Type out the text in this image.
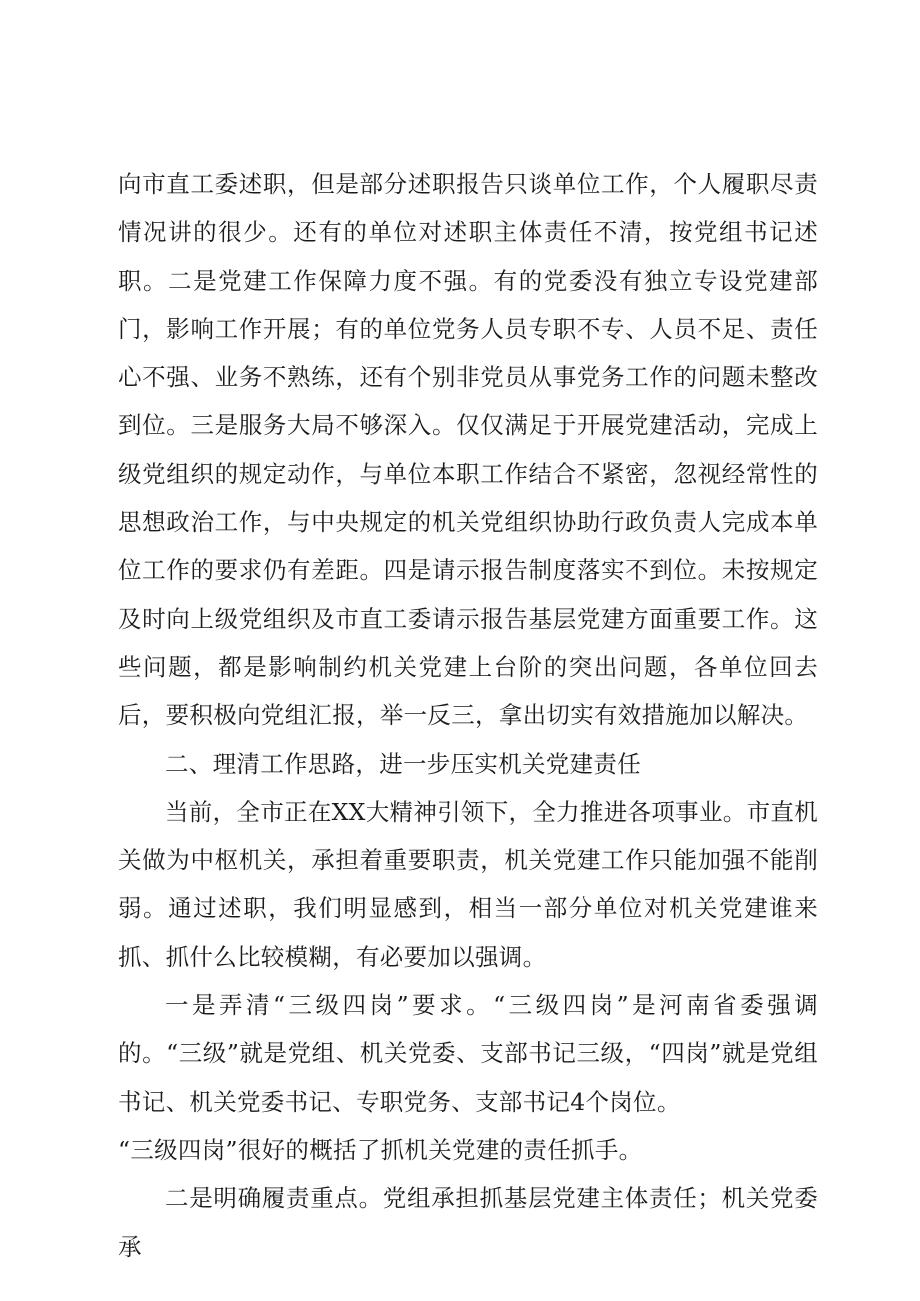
向市直工委述职，但是部分述职报告只谈单位工作，个人履职尽责情况讲的很少。还有的单位对述职主体责任不清，按党组书记述职。二是党建工作保障力度不强。有的党委没有独立专设党建部门，影响工作开展；有的单位党务人员专职不专、人员不足、责任心不强、业务不熟练，还有个别非党员从事党务工作的问题未整改到位。三是服务大局不够深入。仅仅满足于开展党建活动，完成上级党组织的规定动作，与单位本职工作结合不紧密，忽视经常性的思想政治工作，与中央规定的机关党组织协助行政负责人完成本单位工作的要求仍有差距。四是请示报告制度落实不到位。未按规定及时向上级党组织及市直工委请示报告基层党建方面重要工作。这些问题，都是影响制约机关党建上台阶的突出问题，各单位回去后，要积极向党组汇报，举一反三，拿出切实有效措施加以解决。

二、理清工作思路，进一步压实机关党建责任

当前，全市正在XX大精神引领下，全力推进各项事业。市直机关做为中枢机关，承担着重要职责，机关党建工作只能加强不能削弱。通过述职，我们明显感到，相当一部分单位对机关党建谁来抓、抓什么比较模糊，有必要加以强调。

一是弄清“三级四岗”要求。“三级四岗”是河南省委强调的。“三级”就是党组、机关党委、支部书记三级，“四岗”就是党组书记、机关党委书记、专职党务、支部书记4个岗位。

“三级四岗”很好的概括了抓机关党建的责任抓手。

二是明确履责重点。党组承担抓基层党建主体责任；机关党委承
